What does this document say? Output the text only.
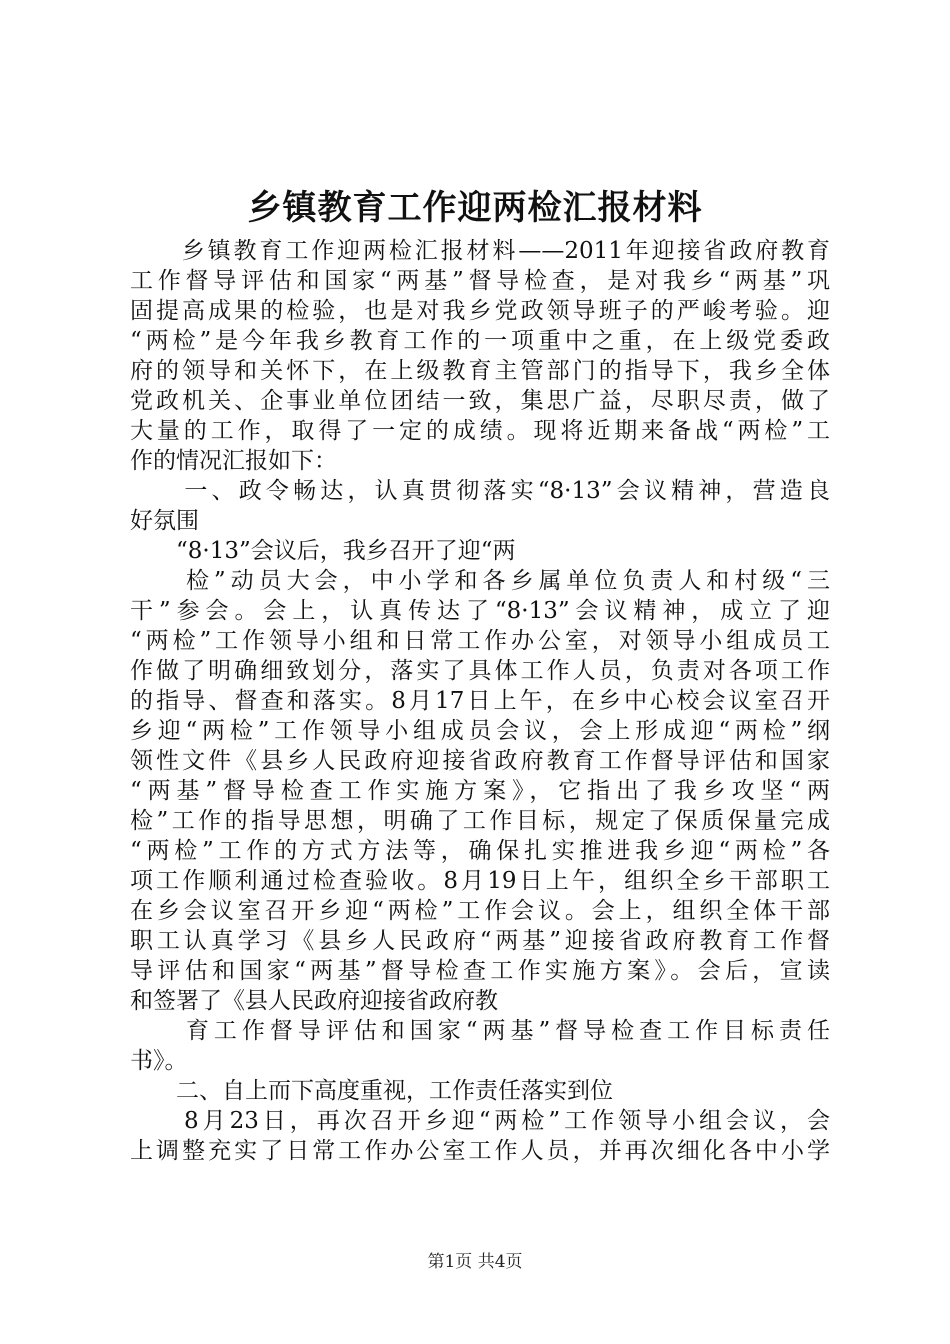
乡镇教育工作迎两检汇报材料
　　乡镇教育工作迎两检汇报材料——2011年迎接省政府教育
工作督导评估和国家“两基”督导检查，是对我乡“两基”巩
固提高成果的检验，也是对我乡党政领导班子的严峻考验。迎
“两检”是今年我乡教育工作的一项重中之重，在上级党委政
府的领导和关怀下，在上级教育主管部门的指导下，我乡全体
党政机关、企事业单位团结一致，集思广益，尽职尽责，做了
大量的工作，取得了一定的成绩。现将近期来备战“两检”工
作的情况汇报如下：
　　一、政令畅达，认真贯彻落实“8·13”会议精神，营造良
好氛围
　　“8·13”会议后，我乡召开了迎“两
　　检”动员大会，中小学和各乡属单位负责人和村级“三
干”参会。会上，认真传达了“8·13”会议精神，成立了迎
“两检”工作领导小组和日常工作办公室，对领导小组成员工
作做了明确细致划分，落实了具体工作人员，负责对各项工作
的指导、督查和落实。8月17日上午，在乡中心校会议室召开
乡迎“两检”工作领导小组成员会议，会上形成迎“两检”纲
领性文件《县乡人民政府迎接省政府教育工作督导评估和国家
“两基”督导检查工作实施方案》，它指出了我乡攻坚“两
检”工作的指导思想，明确了工作目标，规定了保质保量完成
“两检”工作的方式方法等，确保扎实推进我乡迎“两检”各
项工作顺利通过检查验收。8月19日上午，组织全乡干部职工
在乡会议室召开乡迎“两检”工作会议。会上，组织全体干部
职工认真学习《县乡人民政府“两基”迎接省政府教育工作督
导评估和国家“两基”督导检查工作实施方案》。会后，宣读
和签署了《县人民政府迎接省政府教
　　育工作督导评估和国家“两基”督导检查工作目标责任
书》。
　　二、自上而下高度重视，工作责任落实到位
　　8月23日，再次召开乡迎“两检”工作领导小组会议，会
上调整充实了日常工作办公室工作人员，并再次细化各中小学
第1页 共4页
